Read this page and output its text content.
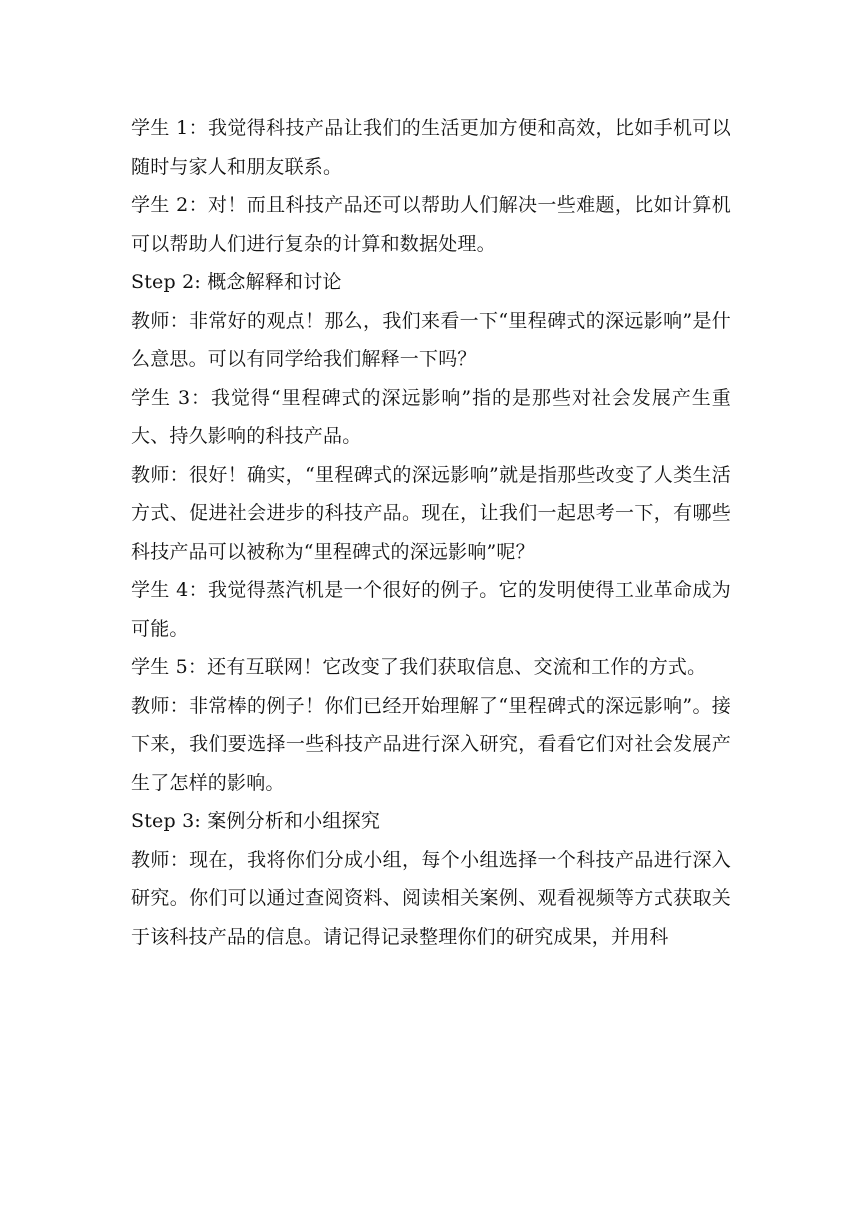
学生 1：我觉得科技产品让我们的生活更加方便和高效，比如手机可以随时与家人和朋友联系。

学生 2：对！而且科技产品还可以帮助人们解决一些难题，比如计算机可以帮助人们进行复杂的计算和数据处理。

Step 2: 概念解释和讨论

教师：非常好的观点！那么，我们来看一下“里程碑式的深远影响”是什么意思。可以有同学给我们解释一下吗？

学生 3：我觉得“里程碑式的深远影响”指的是那些对社会发展产生重大、持久影响的科技产品。

教师：很好！确实，“里程碑式的深远影响”就是指那些改变了人类生活方式、促进社会进步的科技产品。现在，让我们一起思考一下，有哪些科技产品可以被称为“里程碑式的深远影响”呢？

学生 4：我觉得蒸汽机是一个很好的例子。它的发明使得工业革命成为可能。

学生 5：还有互联网！它改变了我们获取信息、交流和工作的方式。

教师：非常棒的例子！你们已经开始理解了“里程碑式的深远影响”。接下来，我们要选择一些科技产品进行深入研究，看看它们对社会发展产生了怎样的影响。

Step 3: 案例分析和小组探究

教师：现在，我将你们分成小组，每个小组选择一个科技产品进行深入研究。你们可以通过查阅资料、阅读相关案例、观看视频等方式获取关于该科技产品的信息。请记得记录整理你们的研究成果，并用科
